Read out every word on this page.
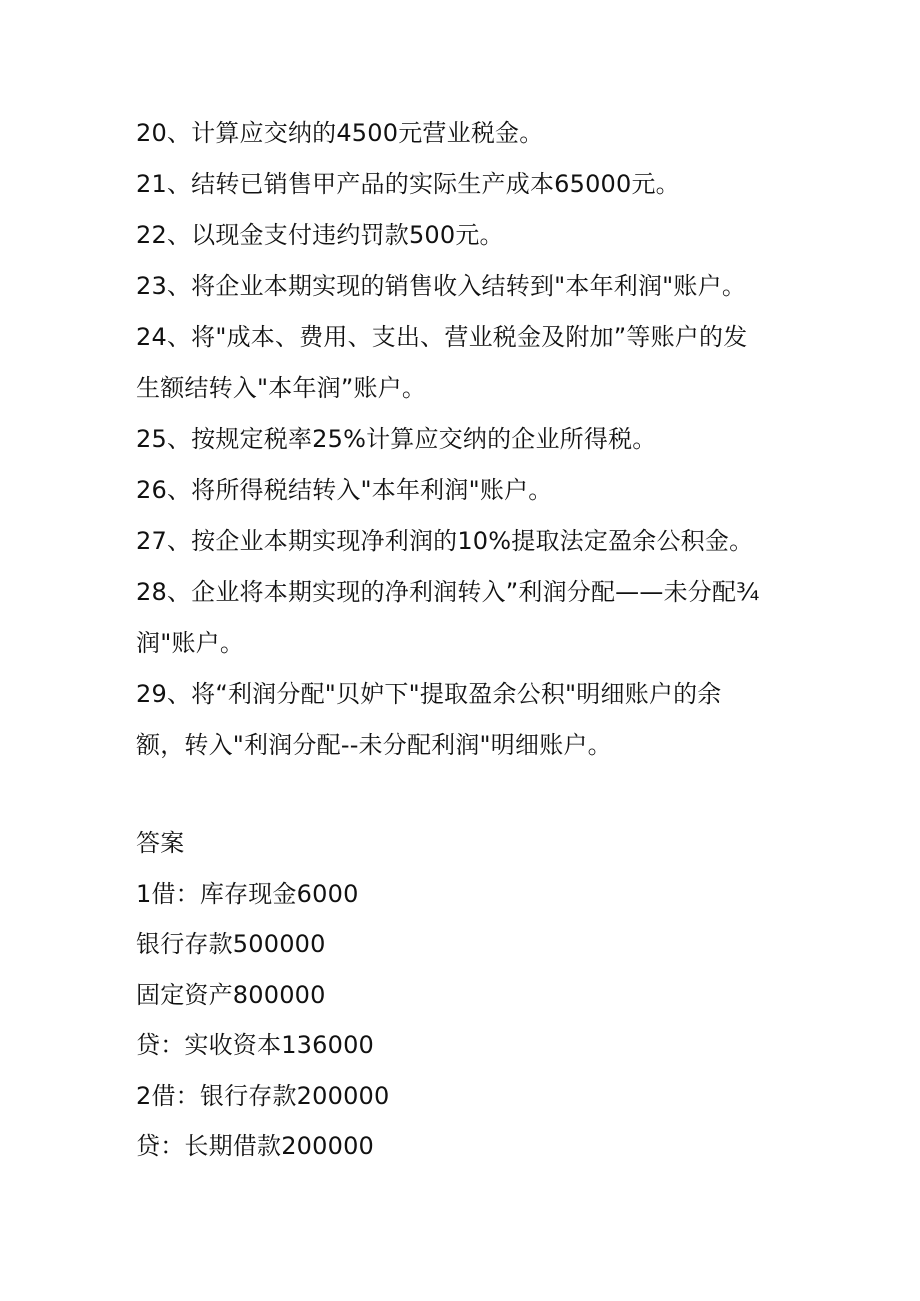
20、计算应交纳的4500元营业税金。
21、结转已销售甲产品的实际生产成本65000元。
22、以现金支付违约罚款500元。
23、将企业本期实现的销售收入结转到"本年利润"账户。
24、将"成本、费用、支出、营业税金及附加”等账户的发
生额结转入"本年润”账户。
25、按规定税率25%计算应交纳的企业所得税。
26、将所得税结转入"本年利润"账户。
27、按企业本期实现净利润的10%提取法定盈余公积金。
28、企业将本期实现的净利润转入”利润分配——未分配¾
润"账户。
29、将“利润分配"贝妒下"提取盈余公积"明细账户的余
额，转入"利润分配--未分配利润"明细账户。
答案
1借：库存现金6000
银行存款500000
固定资产800000
贷：实收资本136000
2借：银行存款200000
贷：长期借款200000
